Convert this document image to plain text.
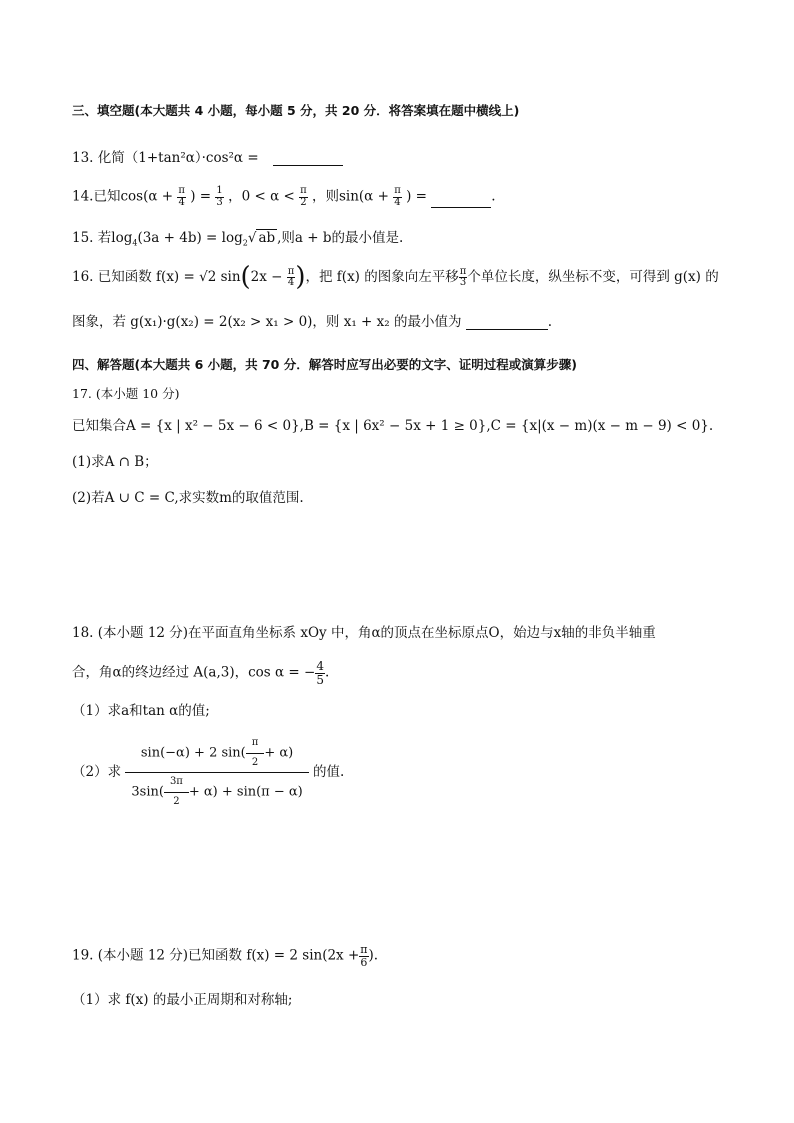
三、填空题(本大题共 4 小题，每小题 5 分，共 20 分．将答案填在题中横线上)
13. 化简（1+tan²α）·cos²α =
14.已知$\cos(\alpha + \frac{\pi}{4}$ ) = $\frac{1}{3}$ ，$0 < \alpha < \frac{\pi}{2}$ ，则$\sin(\alpha + \frac{\pi}{4}$ ) =	.
15. 若$\log_4(3a + 4b) = \log_2√$ ab ,则a + b的最小值是.
16. 已知函数 f(x) = √2 $\sin(2x - \frac{\pi}{4}$ )，把 f(x) 的图象向左平移 $\frac{\pi}{3}$ 个单位长度，纵坐标不变，可得到 g(x) 的
图象，若 g(x₁)·g(x₂) = 2(x₂ > x₁ > 0)，则 x₁ + x₂ 的最小值为	.
四、解答题(本大题共 6 小题，共 70 分．解答时应写出必要的文字、证明过程或演算步骤)
17. (本小题 10 分)
已知集合A = {x | x² − 5x − 6 < 0},B = {x | 6x² − 5x + 1 ≥ 0},C = {x|(x − m)(x − m − 9) < 0}.
(1)求A ∩ B；
(2)若A ∪ C = C,求实数m的取值范围.
18. (本小题 12 分)在平面直角坐标系 xOy 中，角α的顶点在坐标原点O，始边与x轴的非负半轴重
合，角α的终边经过 A(a,3)，cos α = − $\frac{4}{5}$ .
（1）求a和tan α的值;
（2）求 $\frac{\sin(-\alpha) + 2 \sin( \frac{\pi}{2} + \alpha)}{3\sin( \frac{3\pi}{2} + \alpha) + \sin(\pi - \alpha)}$ 的值.
19. (本小题 12 分)已知函数 f(x) = 2 $\sin(2x + \frac{\pi}{6}$ ).
（1）求 f(x) 的最小正周期和对称轴;
